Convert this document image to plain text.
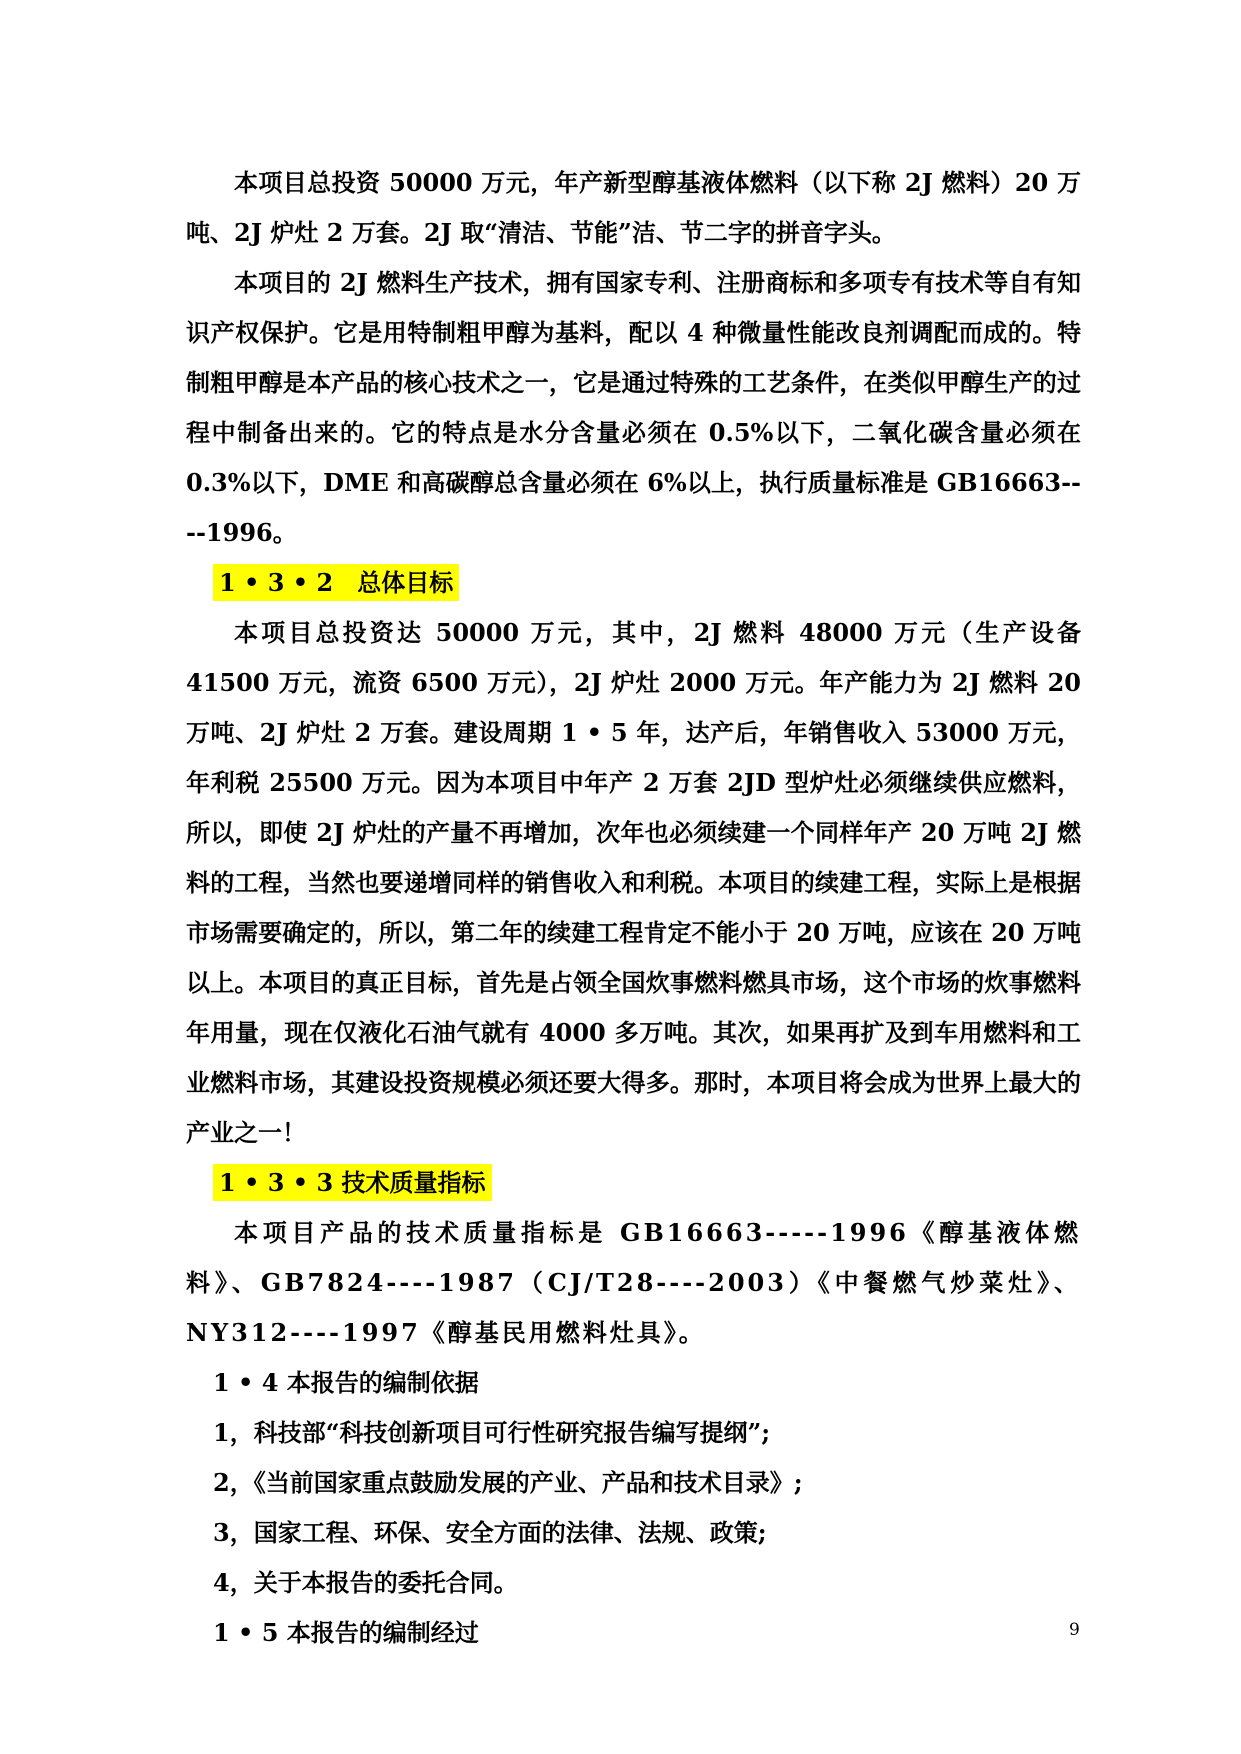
本项目总投资 50000 万元，年产新型醇基液体燃料（以下称 2J 燃料）20 万吨、2J 炉灶 2 万套。2J 取“清洁、节能”洁、节二字的拼音字头。

本项目的 2J 燃料生产技术，拥有国家专利、注册商标和多项专有技术等自有知识产权保护。它是用特制粗甲醇为基料，配以 4 种微量性能改良剂调配而成的。特制粗甲醇是本产品的核心技术之一，它是通过特殊的工艺条件，在类似甲醇生产的过程中制备出来的。它的特点是水分含量必须在 0.5%以下，二氧化碳含量必须在 0.3%以下，DME 和高碳醇总含量必须在 6%以上，执行质量标准是 GB16663----1996。

1 • 3 • 2　总体目标

本项目总投资达 50000 万元，其中，2J 燃料 48000 万元（生产设备 41500 万元，流资 6500 万元），2J 炉灶 2000 万元。年产能力为 2J 燃料 20 万吨、2J 炉灶 2 万套。建设周期 1 • 5 年，达产后，年销售收入 53000 万元，年利税 25500 万元。因为本项目中年产 2 万套 2JD 型炉灶必须继续供应燃料，所以，即使 2J 炉灶的产量不再增加，次年也必须续建一个同样年产 20 万吨 2J 燃料的工程，当然也要递增同样的销售收入和利税。本项目的续建工程，实际上是根据市场需要确定的，所以，第二年的续建工程肯定不能小于 20 万吨，应该在 20 万吨以上。本项目的真正目标，首先是占领全国炊事燃料燃具市场，这个市场的炊事燃料年用量，现在仅液化石油气就有 4000 多万吨。其次，如果再扩及到车用燃料和工业燃料市场，其建设投资规模必须还要大得多。那时，本项目将会成为世界上最大的产业之一！

1 • 3 • 3 技术质量指标

本项目产品的技术质量指标是 GB16663-----1996《醇基液体燃料》、GB7824----1987（CJ/T28----2003）《中餐燃气炒菜灶》、NY312----1997《醇基民用燃料灶具》。

1 • 4 本报告的编制依据

1，科技部“科技创新项目可行性研究报告编写提纲”;

2，《当前国家重点鼓励发展的产业、产品和技术目录》;

3，国家工程、环保、安全方面的法律、法规、政策;

4，关于本报告的委托合同。

1 • 5 本报告的编制经过	9
